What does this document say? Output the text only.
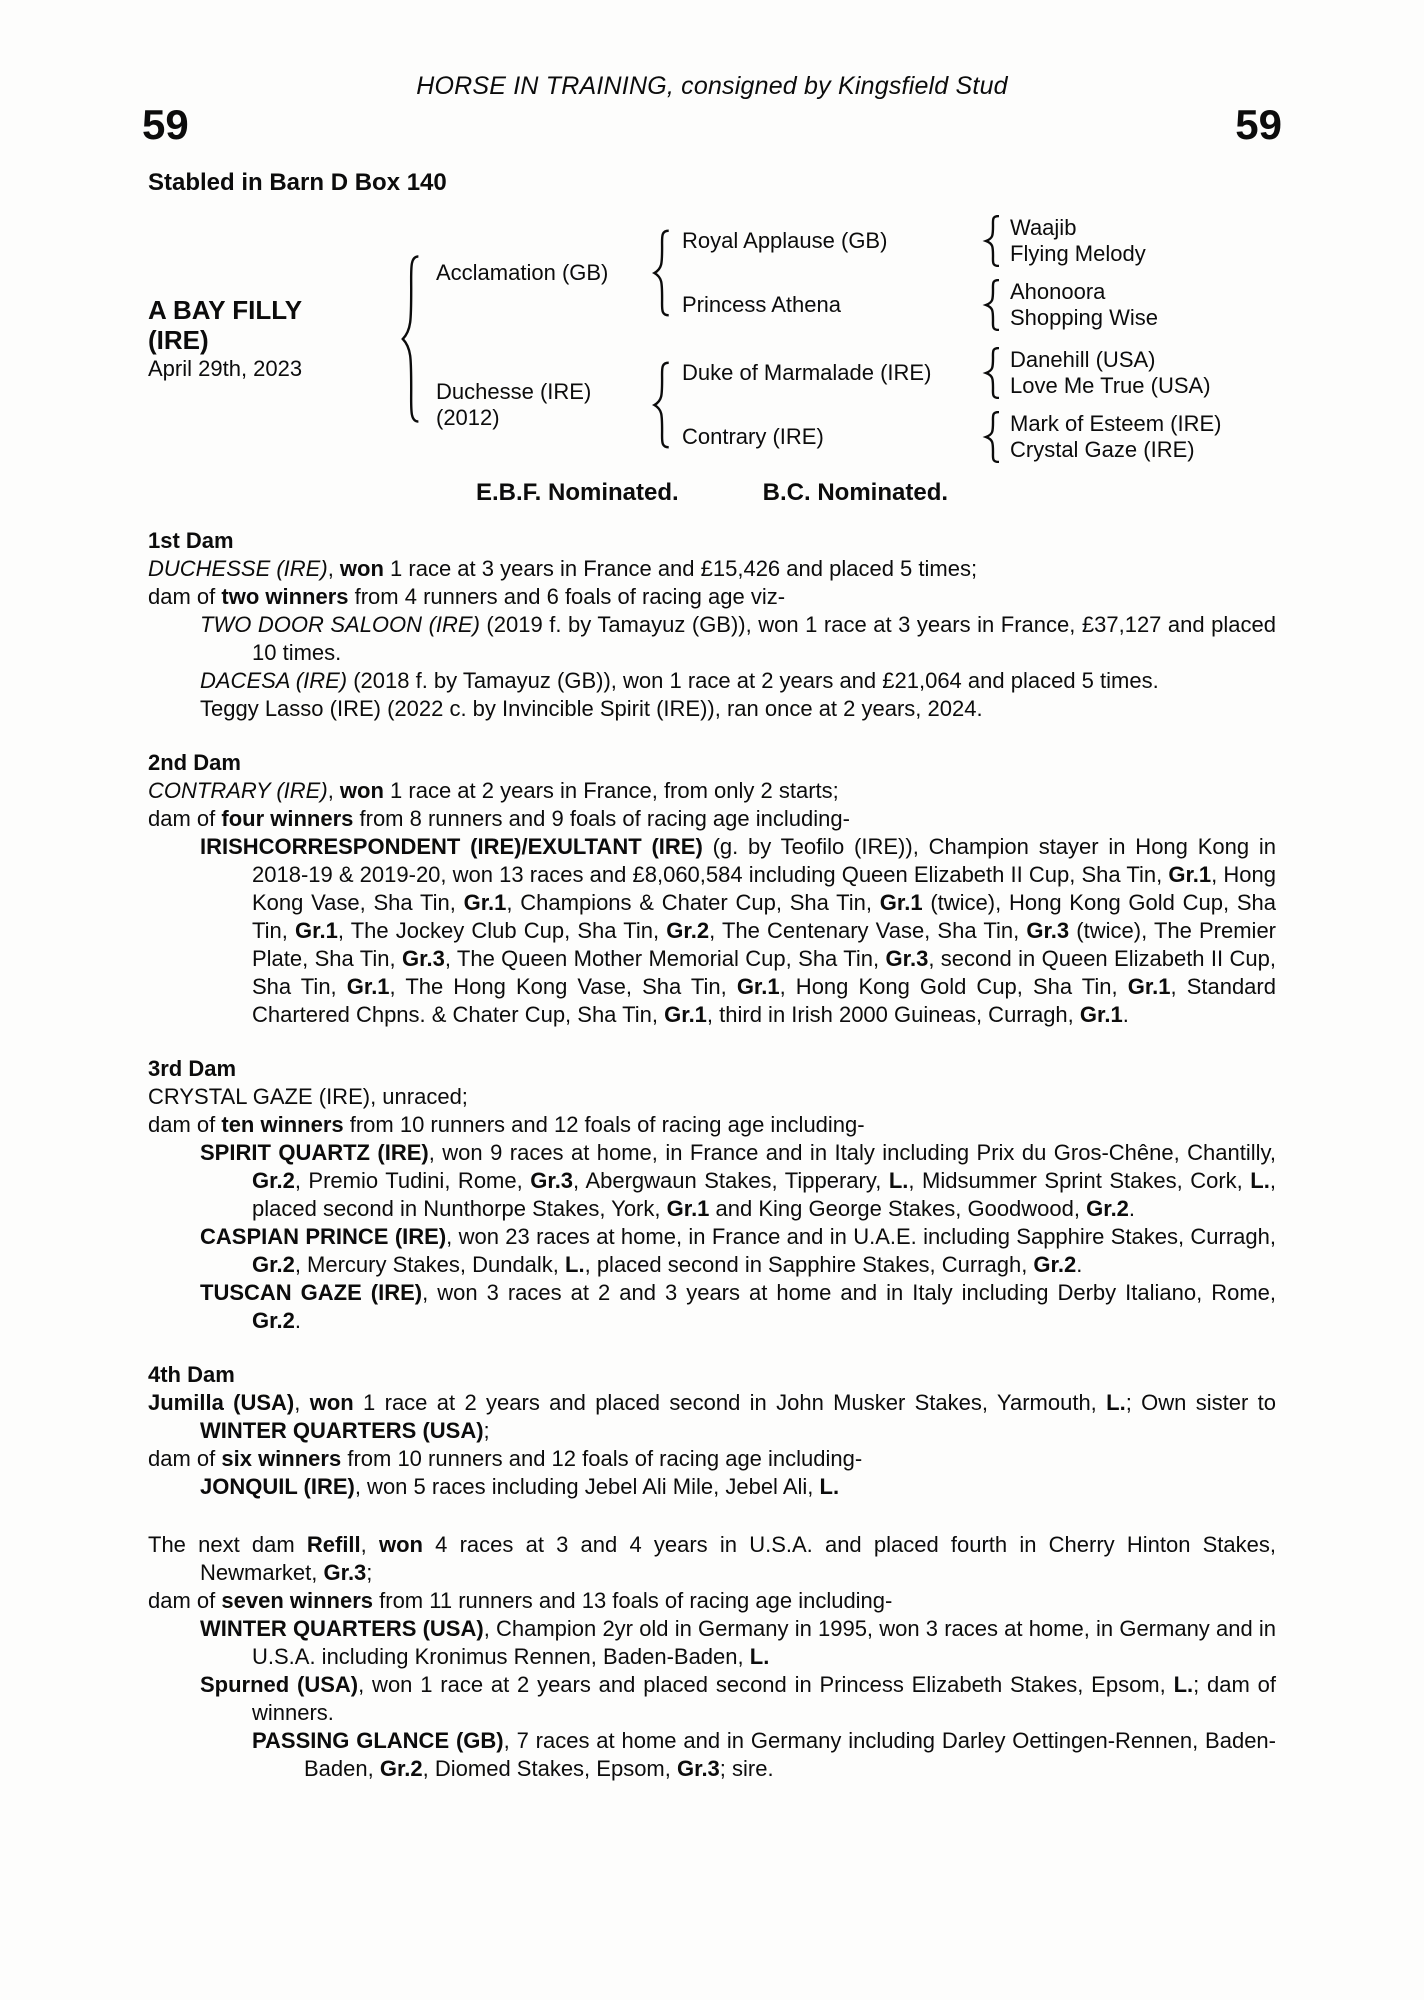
HORSE IN TRAINING, consigned by Kingsfield Stud
59	59
Stabled in Barn D Box 140
A BAY FILLY
(IRE)
April 29th, 2023
Acclamation (GB)
Royal Applause (GB)
Waajib
Flying Melody
Princess Athena
Ahonoora
Shopping Wise
Duchesse (IRE)
(2012)
Duke of Marmalade (IRE)
Danehill (USA)
Love Me True (USA)
Contrary (IRE)
Mark of Esteem (IRE)
Crystal Gaze (IRE)
E.B.F. Nominated.	B.C. Nominated.
1st Dam
DUCHESSE (IRE), won 1 race at 3 years in France and £15,426 and placed 5 times;
dam of two winners from 4 runners and 6 foals of racing age viz-
TWO DOOR SALOON (IRE) (2019 f. by Tamayuz (GB)), won 1 race at 3 years in France, £37,127 and placed 10 times.
DACESA (IRE) (2018 f. by Tamayuz (GB)), won 1 race at 2 years and £21,064 and placed 5 times.
Teggy Lasso (IRE) (2022 c. by Invincible Spirit (IRE)), ran once at 2 years, 2024.
2nd Dam
CONTRARY (IRE), won 1 race at 2 years in France, from only 2 starts;
dam of four winners from 8 runners and 9 foals of racing age including-
IRISHCORRESPONDENT (IRE)/EXULTANT (IRE) (g. by Teofilo (IRE)), Champion stayer in Hong Kong in 2018-19 & 2019-20, won 13 races and £8,060,584 including Queen Elizabeth II Cup, Sha Tin, Gr.1, Hong Kong Vase, Sha Tin, Gr.1, Champions & Chater Cup, Sha Tin, Gr.1 (twice), Hong Kong Gold Cup, Sha Tin, Gr.1, The Jockey Club Cup, Sha Tin, Gr.2, The Centenary Vase, Sha Tin, Gr.3 (twice), The Premier Plate, Sha Tin, Gr.3, The Queen Mother Memorial Cup, Sha Tin, Gr.3, second in Queen Elizabeth II Cup, Sha Tin, Gr.1, The Hong Kong Vase, Sha Tin, Gr.1, Hong Kong Gold Cup, Sha Tin, Gr.1, Standard Chartered Chpns. & Chater Cup, Sha Tin, Gr.1, third in Irish 2000 Guineas, Curragh, Gr.1.
3rd Dam
CRYSTAL GAZE (IRE), unraced;
dam of ten winners from 10 runners and 12 foals of racing age including-
SPIRIT QUARTZ (IRE), won 9 races at home, in France and in Italy including Prix du Gros-Chêne, Chantilly, Gr.2, Premio Tudini, Rome, Gr.3, Abergwaun Stakes, Tipperary, L., Midsummer Sprint Stakes, Cork, L., placed second in Nunthorpe Stakes, York, Gr.1 and King George Stakes, Goodwood, Gr.2.
CASPIAN PRINCE (IRE), won 23 races at home, in France and in U.A.E. including Sapphire Stakes, Curragh, Gr.2, Mercury Stakes, Dundalk, L., placed second in Sapphire Stakes, Curragh, Gr.2.
TUSCAN GAZE (IRE), won 3 races at 2 and 3 years at home and in Italy including Derby Italiano, Rome, Gr.2.
4th Dam
Jumilla (USA), won 1 race at 2 years and placed second in John Musker Stakes, Yarmouth, L.; Own sister to WINTER QUARTERS (USA);
dam of six winners from 10 runners and 12 foals of racing age including-
JONQUIL (IRE), won 5 races including Jebel Ali Mile, Jebel Ali, L.
The next dam Refill, won 4 races at 3 and 4 years in U.S.A. and placed fourth in Cherry Hinton Stakes, Newmarket, Gr.3;
dam of seven winners from 11 runners and 13 foals of racing age including-
WINTER QUARTERS (USA), Champion 2yr old in Germany in 1995, won 3 races at home, in Germany and in U.S.A. including Kronimus Rennen, Baden-Baden, L.
Spurned (USA), won 1 race at 2 years and placed second in Princess Elizabeth Stakes, Epsom, L.; dam of winners.
PASSING GLANCE (GB), 7 races at home and in Germany including Darley Oettingen-Rennen, Baden-Baden, Gr.2, Diomed Stakes, Epsom, Gr.3; sire.
